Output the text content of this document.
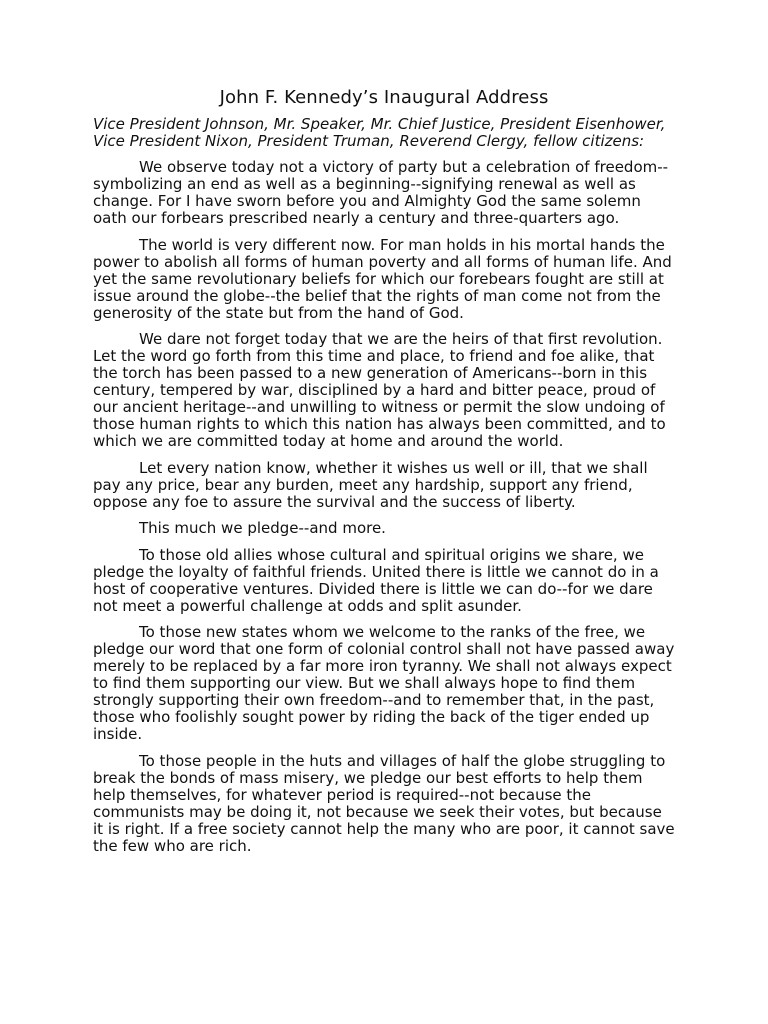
John F. Kennedy’s Inaugural Address

Vice President Johnson, Mr. Speaker, Mr. Chief Justice, President Eisenhower, Vice President Nixon, President Truman, Reverend Clergy, fellow citizens:

We observe today not a victory of party but a celebration of freedom--symbolizing an end as well as a beginning--signifying renewal as well as change. For I have sworn before you and Almighty God the same solemn oath our forbears prescribed nearly a century and three-quarters ago.

The world is very different now. For man holds in his mortal hands the power to abolish all forms of human poverty and all forms of human life. And yet the same revolutionary beliefs for which our forebears fought are still at issue around the globe--the belief that the rights of man come not from the generosity of the state but from the hand of God.

We dare not forget today that we are the heirs of that first revolution. Let the word go forth from this time and place, to friend and foe alike, that the torch has been passed to a new generation of Americans--born in this century, tempered by war, disciplined by a hard and bitter peace, proud of our ancient heritage--and unwilling to witness or permit the slow undoing of those human rights to which this nation has always been committed, and to which we are committed today at home and around the world.

Let every nation know, whether it wishes us well or ill, that we shall pay any price, bear any burden, meet any hardship, support any friend, oppose any foe to assure the survival and the success of liberty.

This much we pledge--and more.

To those old allies whose cultural and spiritual origins we share, we pledge the loyalty of faithful friends. United there is little we cannot do in a host of cooperative ventures. Divided there is little we can do--for we dare not meet a powerful challenge at odds and split asunder.

To those new states whom we welcome to the ranks of the free, we pledge our word that one form of colonial control shall not have passed away merely to be replaced by a far more iron tyranny. We shall not always expect to find them supporting our view. But we shall always hope to find them strongly supporting their own freedom--and to remember that, in the past, those who foolishly sought power by riding the back of the tiger ended up inside.

To those people in the huts and villages of half the globe struggling to break the bonds of mass misery, we pledge our best efforts to help them help themselves, for whatever period is required--not because the communists may be doing it, not because we seek their votes, but because it is right. If a free society cannot help the many who are poor, it cannot save the few who are rich.
